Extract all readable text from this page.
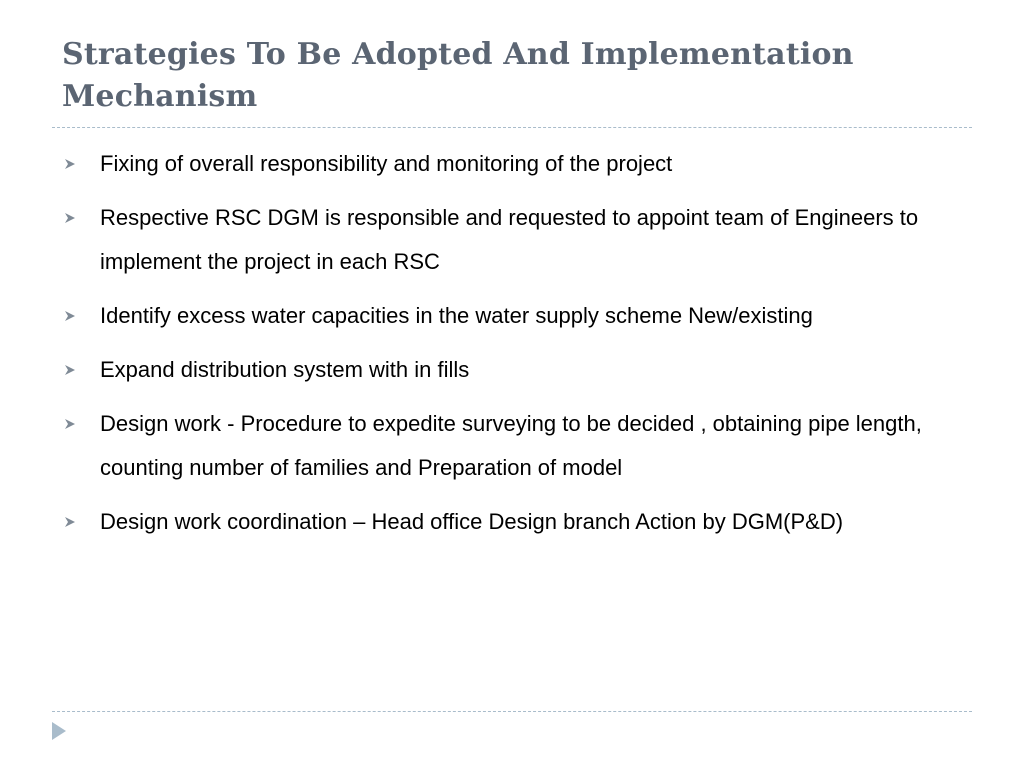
Strategies To Be Adopted And Implementation Mechanism
Fixing of overall responsibility and monitoring of the project
Respective RSC DGM is responsible and requested to appoint team of Engineers to implement the project in each RSC
Identify excess water capacities in the water supply scheme New/existing
Expand distribution system with in fills
Design work - Procedure to expedite surveying to be decided , obtaining pipe length, counting number of families and Preparation of model
Design work coordination – Head office Design branch Action by DGM(P&D)
